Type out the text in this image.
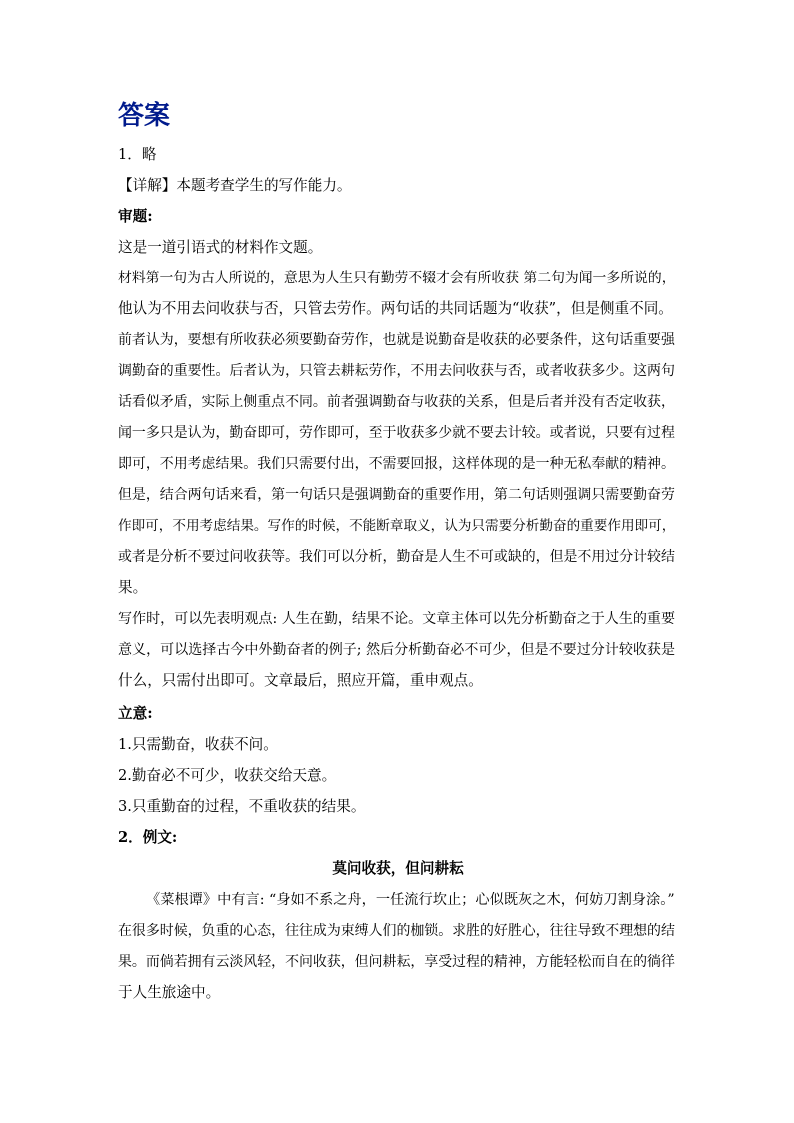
答案
1．略
【详解】本题考查学生的写作能力。
审题:
这是一道引语式的材料作文题。
材料第一句为古人所说的，意思为人生只有勤劳不辍才会有所收获 第二句为闻一多所说的，
他认为不用去问收获与否，只管去劳作。两句话的共同话题为“收获”，但是侧重不同。
前者认为，要想有所收获必须要勤奋劳作，也就是说勤奋是收获的必要条件，这句话重要强
调勤奋的重要性。后者认为，只管去耕耘劳作，不用去问收获与否，或者收获多少。这两句
话看似矛盾，实际上侧重点不同。前者强调勤奋与收获的关系，但是后者并没有否定收获，
闻一多只是认为，勤奋即可，劳作即可，至于收获多少就不要去计较。或者说，只要有过程
即可，不用考虑结果。我们只需要付出，不需要回报，这样体现的是一种无私奉献的精神。
但是，结合两句话来看，第一句话只是强调勤奋的重要作用，第二句话则强调只需要勤奋劳
作即可，不用考虑结果。写作的时候，不能断章取义，认为只需要分析勤奋的重要作用即可，
或者是分析不要过问收获等。我们可以分析，勤奋是人生不可或缺的，但是不用过分计较结
果。
写作时，可以先表明观点: 人生在勤，结果不论。文章主体可以先分析勤奋之于人生的重要
意义，可以选择古今中外勤奋者的例子; 然后分析勤奋必不可少，但是不要过分计较收获是
什么，只需付出即可。文章最后，照应开篇，重申观点。
立意:
1.只需勤奋，收获不问。
2.勤奋必不可少，收获交给天意。
3.只重勤奋的过程，不重收获的结果。
2．例文:
莫问收获，但问耕耘
《菜根谭》中有言: “身如不系之舟，一任流行坎止；心似既灰之木，何妨刀割身涂。”
在很多时候，负重的心态，往往成为束缚人们的枷锁。求胜的好胜心，往往导致不理想的结
果。而倘若拥有云淡风轻，不问收获，但问耕耘，享受过程的精神，方能轻松而自在的徜徉
于人生旅途中。
